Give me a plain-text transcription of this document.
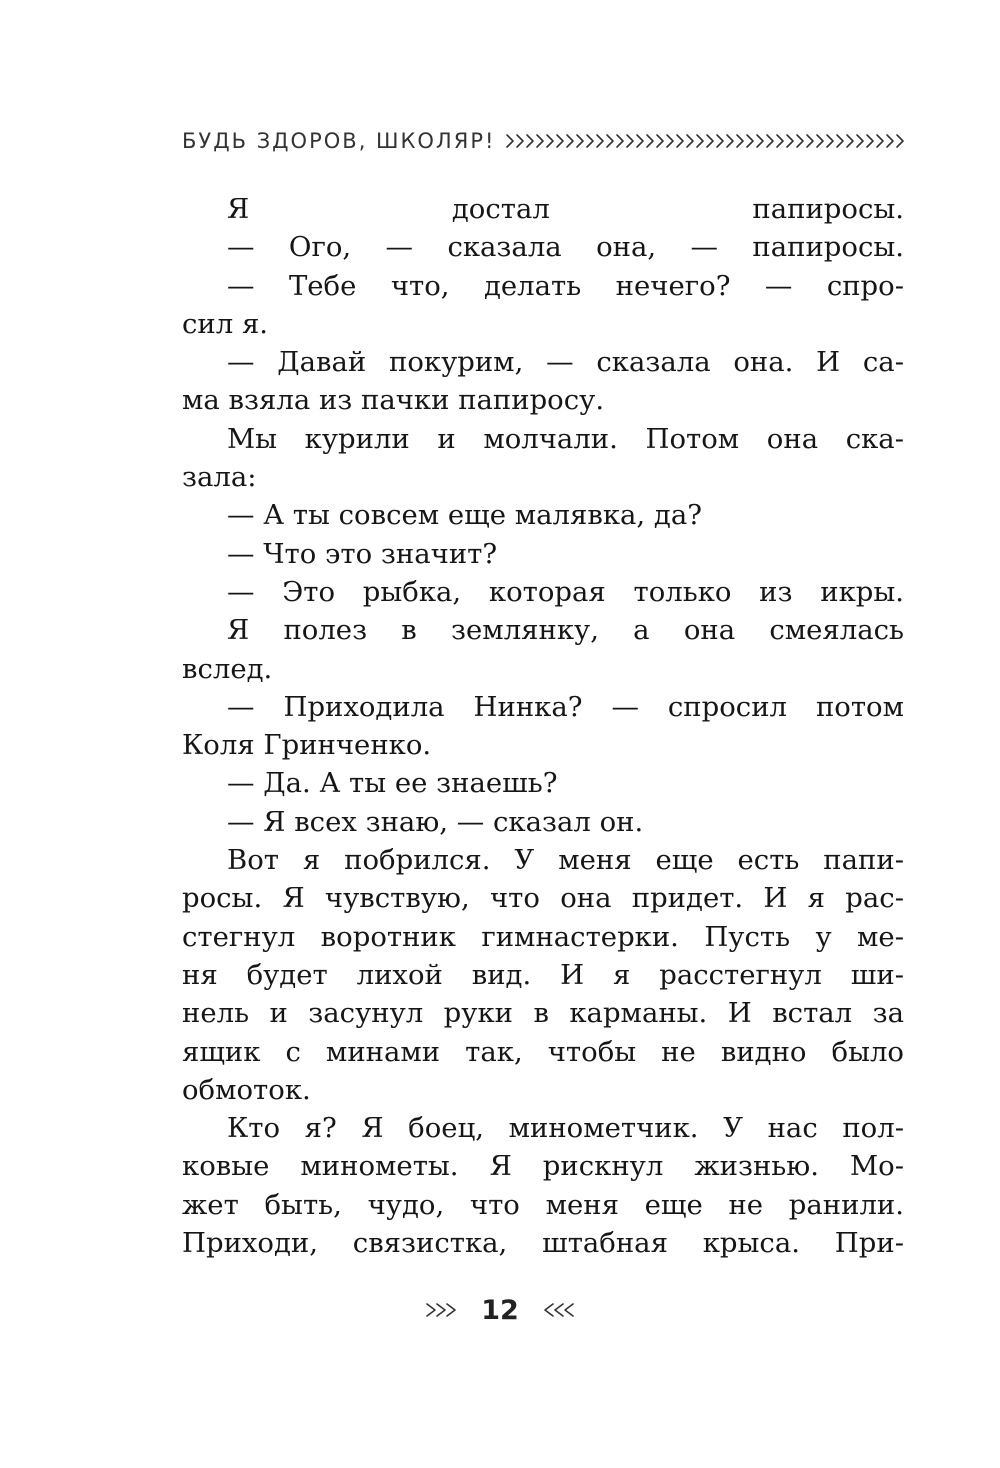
БУДЬ ЗДОРОВ, ШКОЛЯР!
Я достал папиросы.
— Ого, — сказала она, — папиросы.
— Тебе что, делать нечего? — спро-
сил я.
— Давай покурим, — сказала она. И са-
ма взяла из пачки папиросу.
Мы курили и молчали. Потом она ска-
зала:
— А ты совсем еще малявка, да?
— Что это значит?
— Это рыбка, которая только из икры.
Я полез в землянку, а она смеялась
вслед.
— Приходила Нинка? — спросил потом
Коля Гринченко.
— Да. А ты ее знаешь?
— Я всех знаю, — сказал он.
Вот я побрился. У меня еще есть папи-
росы. Я чувствую, что она придет. И я рас-
стегнул воротник гимнастерки. Пусть у ме-
ня будет лихой вид. И я расстегнул ши-
нель и засунул руки в карманы. И встал за
ящик с минами так, чтобы не видно было
обмоток.
Кто я? Я боец, минометчик. У нас пол-
ковые минометы. Я рискнул жизнью. Мо-
жет быть, чудо, что меня еще не ранили.
Приходи, связистка, штабная крыса. При-
12
